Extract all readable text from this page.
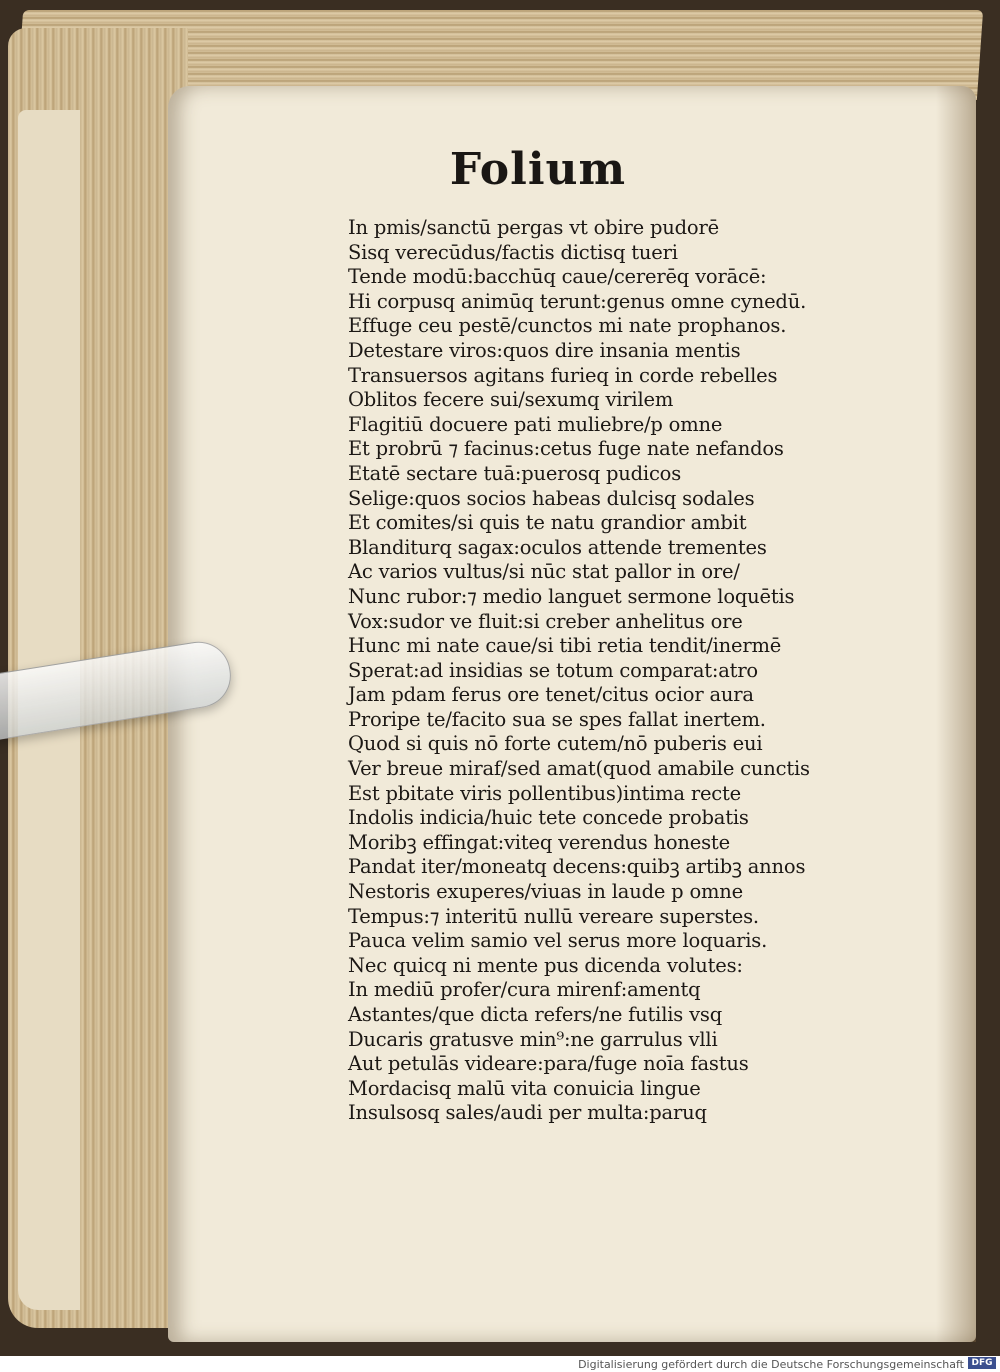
Folium
In pmis/sanctū pergas vt obire pudorē
Sisq verecūdus/factis dictisq tueri
Tende modū:bacchūq caue/cererēq vorācē:
Hi corpusq animūq terunt:genus omne cynedū.
Effuge ceu pestē/cunctos mi nate prophanos.
Detestare viros:quos dire insania mentis
Transuersos agitans furieq in corde rebelles
Oblitos fecere sui/sexumq virilem
Flagitiū docuere pati muliebre/p omne
Et probrū ⁊ facinus:cetus fuge nate nefandos
Etatē sectare tuā:puerosq pudicos
Selige:quos socios habeas dulcisq sodales
Et comites/si quis te natu grandior ambit
Blanditurq sagax:oculos attende trementes
Ac varios vultus/si nūc stat pallor in ore/
Nunc rubor:⁊ medio languet sermone loquētis
Vox:sudor ve fluit:si creber anhelitus ore
Hunc mi nate caue/si tibi retia tendit/inermē
Sperat:ad insidias se totum comparat:atro
Jam pdam ferus ore tenet/citus ocior aura
Proripe te/facito sua se spes fallat inertem.
Quod si quis nō forte cutem/nō puberis eui
Ver breue miraf/sed amat(quod amabile cunctis
Est pbitate viris pollentibus)intima recte
Indolis indicia/huic tete concede probatis
Moribꝫ effingat:viteq verendus honeste
Pandat iter/moneatq decens:quibꝫ artibꝫ annos
Nestoris exuperes/viuas in laude p omne
Tempus:⁊ interitū nullū vereare superstes.
Pauca velim samio vel serus more loquaris.
Nec quicq ni mente pus dicenda volutes:
In mediū profer/cura mirenf:amentq
Astantes/que dicta refers/ne futilis vsq
Ducaris gratusve min⁹:ne garrulus vlli
Aut petulās videare:para/fuge noīa fastus
Mordacisq malū vita conuicia lingue
Insulsosq sales/audi per multa:paruq
Digitalisierung gefördert durch die Deutsche Forschungsgemeinschaft DFG
